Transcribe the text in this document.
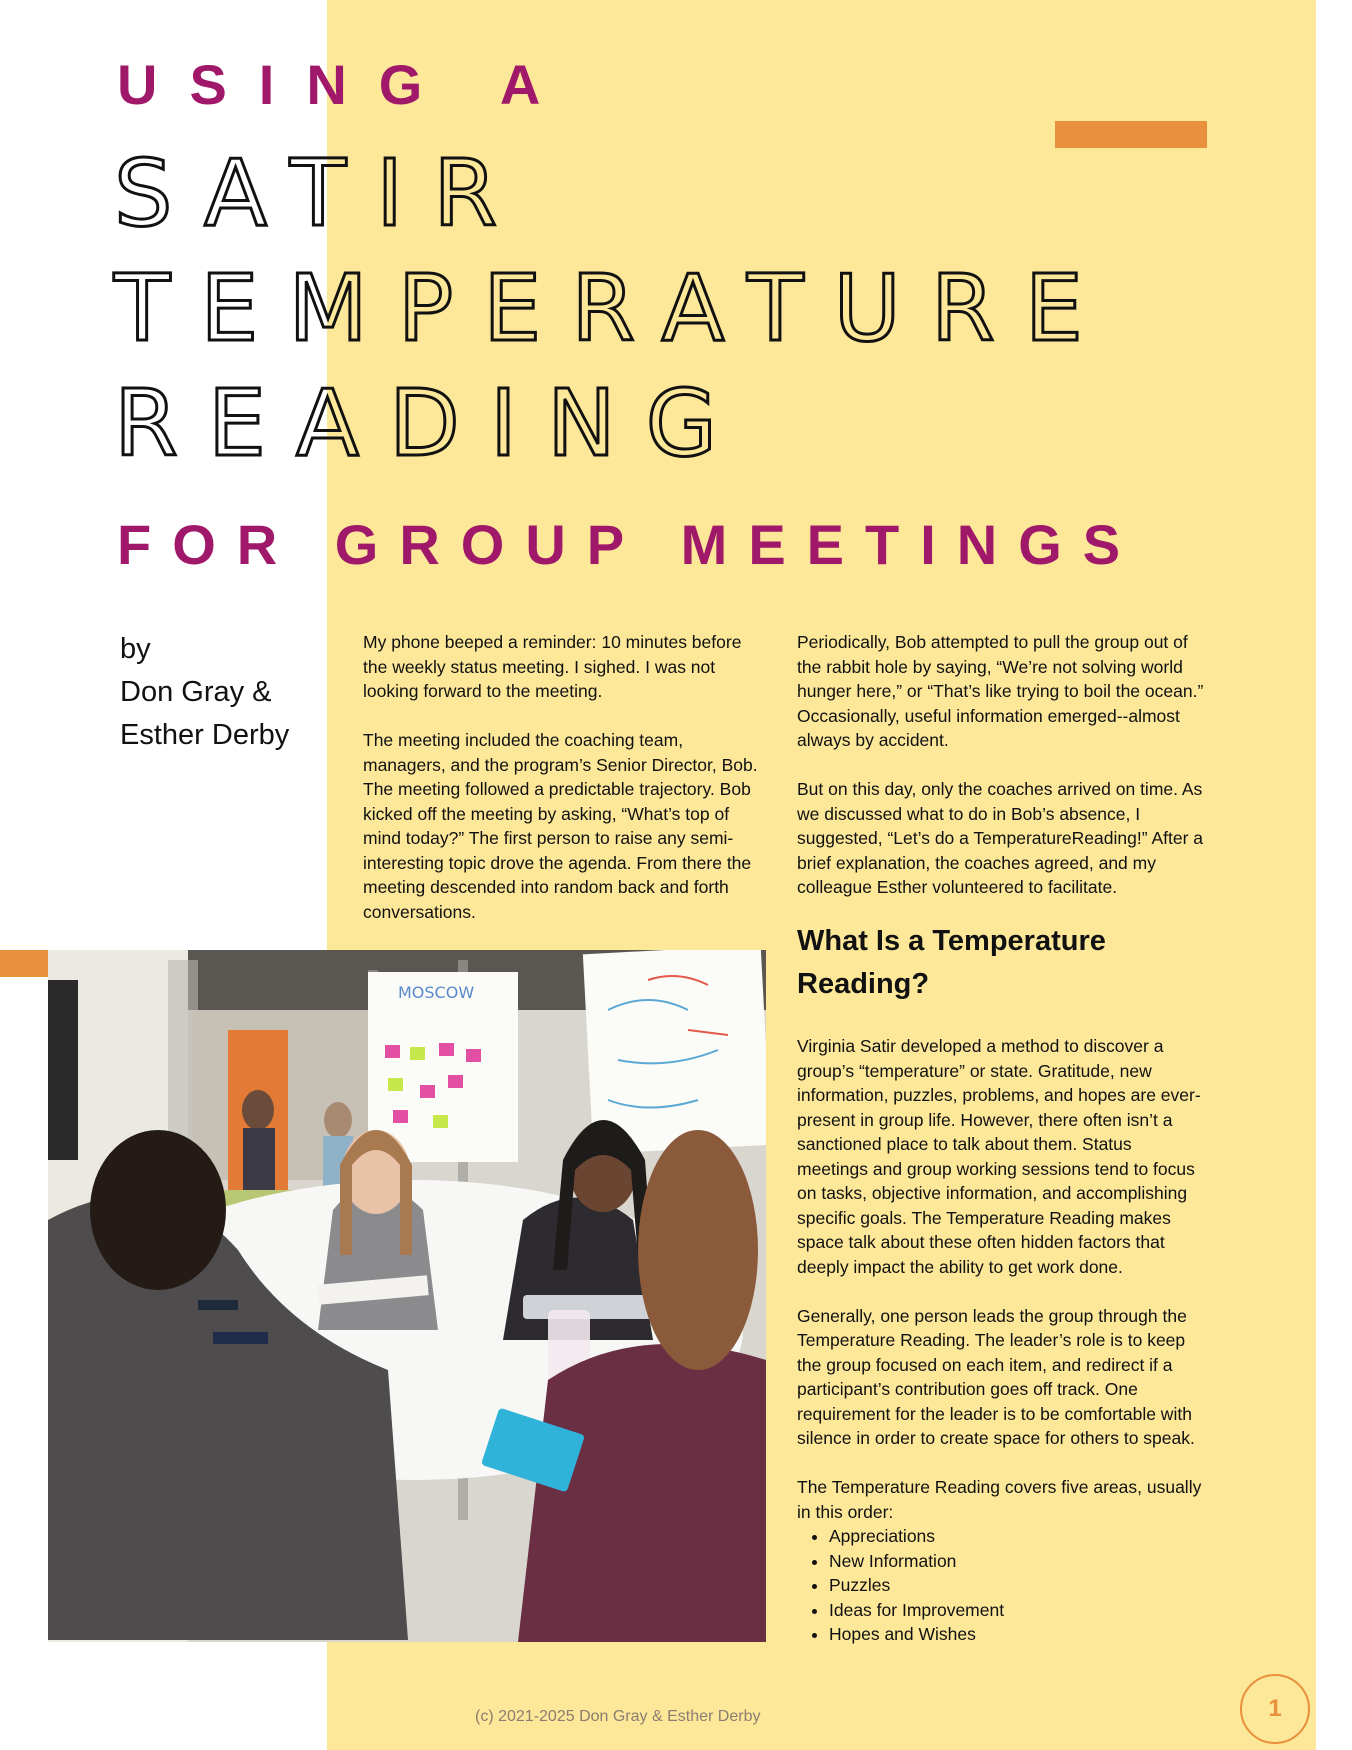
USING A
SATIR
TEMPERATURE
READING
FOR GROUP MEETINGS
by
Don Gray &
Esther Derby

My phone beeped a reminder: 10 minutes before the weekly status meeting. I sighed. I was not looking forward to the meeting.

The meeting included the coaching team, managers, and the program’s Senior Director, Bob. The meeting followed a predictable trajectory. Bob kicked off the meeting by asking, “What’s top of mind today?” The first person to raise any semi-interesting topic drove the agenda. From there the meeting descended into random back and forth conversations.

Periodically, Bob attempted to pull the group out of the rabbit hole by saying, “We’re not solving world hunger here,” or “That’s like trying to boil the ocean.” Occasionally, useful information emerged--almost always by accident.

But on this day, only the coaches arrived on time. As we discussed what to do in Bob’s absence, I suggested, “Let’s do a TemperatureReading!” After a brief explanation, the coaches agreed, and my colleague Esther volunteered to facilitate.

What Is a Temperature Reading?

Virginia Satir developed a method to discover a group’s “temperature” or state. Gratitude, new information, puzzles, problems, and hopes are ever-present in group life. However, there often isn’t a sanctioned place to talk about them. Status meetings and group working sessions tend to focus on tasks, objective information, and accomplishing specific goals. The Temperature Reading makes space talk about these often hidden factors that deeply impact the ability to get work done.

Generally, one person leads the group through the Temperature Reading. The leader’s role is to keep the group focused on each item, and redirect if a participant’s contribution goes off track. One requirement for the leader is to be comfortable with silence in order to create space for others to speak.

The Temperature Reading covers five areas, usually in this order:
• Appreciations
• New Information
• Puzzles
• Ideas for Improvement
• Hopes and Wishes
MOSCOW
(c) 2021-2025 Don Gray & Esther Derby	1
